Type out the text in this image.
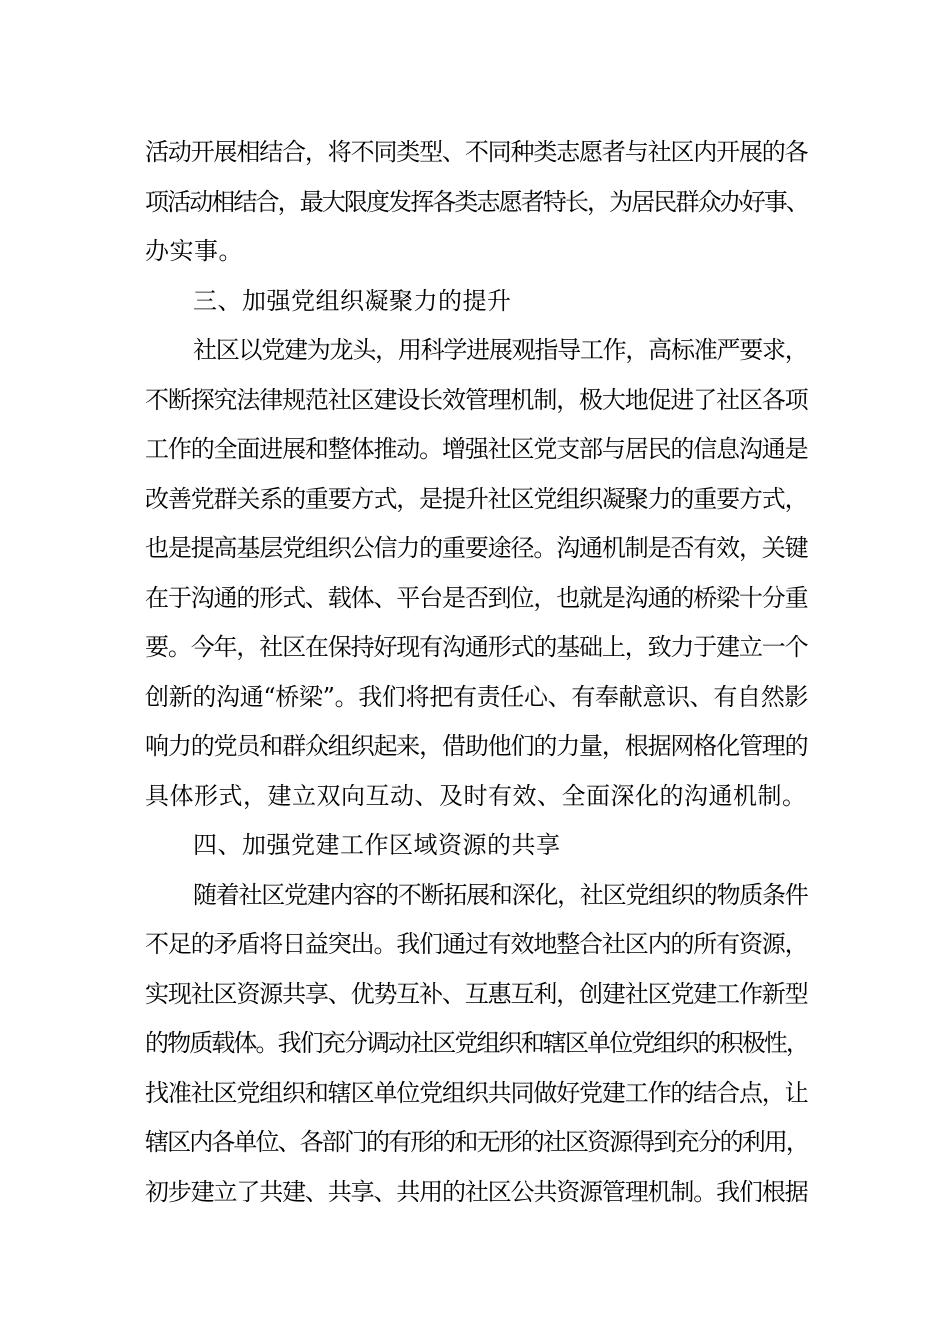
活动开展相结合，将不同类型、不同种类志愿者与社区内开展的各
项活动相结合，最大限度发挥各类志愿者特长，为居民群众办好事、
办实事。
三、加强党组织凝聚力的提升
社区以党建为龙头，用科学进展观指导工作，高标准严要求，
不断探究法律规范社区建设长效管理机制，极大地促进了社区各项
工作的全面进展和整体推动。增强社区党支部与居民的信息沟通是
改善党群关系的重要方式，是提升社区党组织凝聚力的重要方式，
也是提高基层党组织公信力的重要途径。沟通机制是否有效，关键
在于沟通的形式、载体、平台是否到位，也就是沟通的桥梁十分重
要。今年，社区在保持好现有沟通形式的基础上，致力于建立一个
创新的沟通“桥梁”。我们将把有责任心、有奉献意识、有自然影
响力的党员和群众组织起来，借助他们的力量，根据网格化管理的
具体形式，建立双向互动、及时有效、全面深化的沟通机制。
四、加强党建工作区域资源的共享
随着社区党建内容的不断拓展和深化，社区党组织的物质条件
不足的矛盾将日益突出。我们通过有效地整合社区内的所有资源，
实现社区资源共享、优势互补、互惠互利，创建社区党建工作新型
的物质载体。我们充分调动社区党组织和辖区单位党组织的积极性，
找准社区党组织和辖区单位党组织共同做好党建工作的结合点，让
辖区内各单位、各部门的有形的和无形的社区资源得到充分的利用，
初步建立了共建、共享、共用的社区公共资源管理机制。我们根据
